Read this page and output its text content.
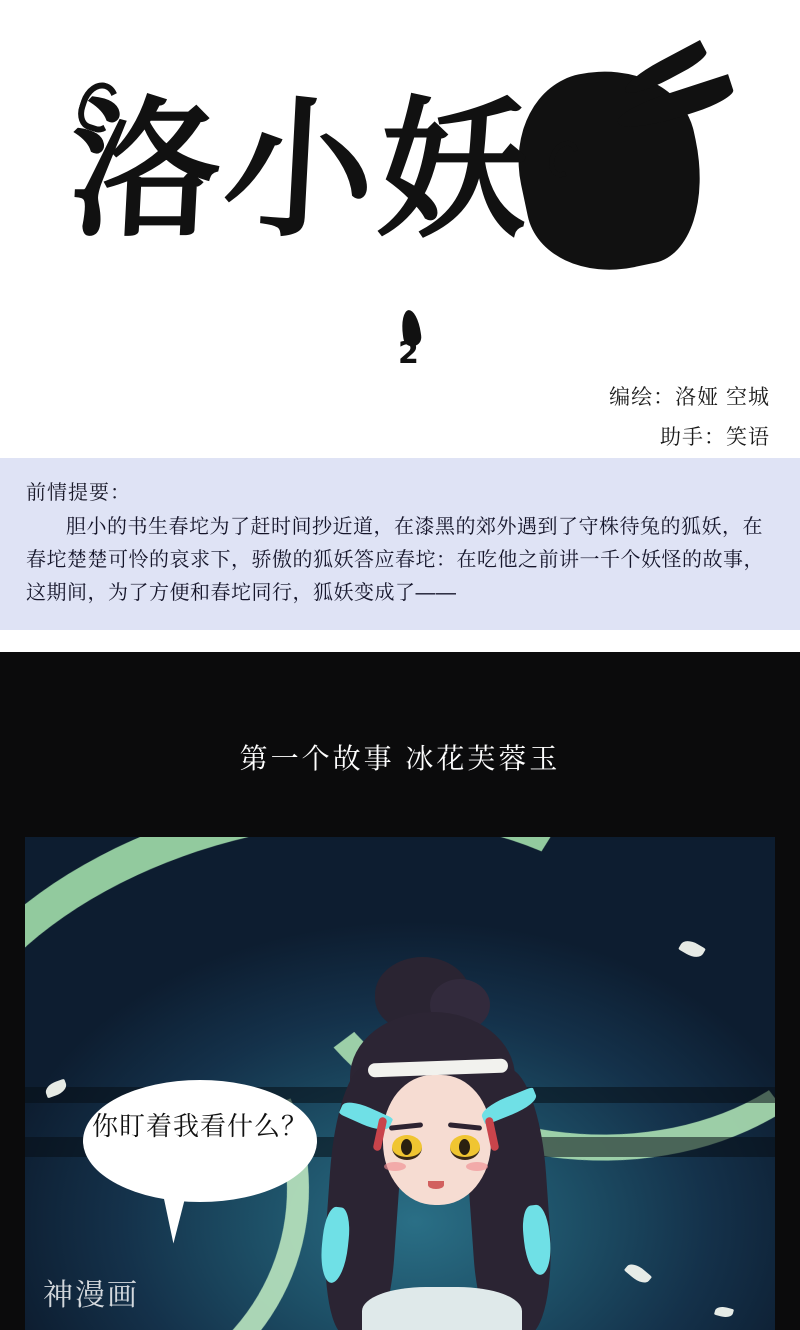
洛小妖
2
编绘：洛娅 空城
助手：笑语
前情提要：
胆小的书生春坨为了赶时间抄近道，在漆黑的郊外遇到了守株待兔的狐妖，在春坨楚楚可怜的哀求下，骄傲的狐妖答应春坨：在吃他之前讲一千个妖怪的故事，这期间，为了方便和春坨同行，狐妖变成了——
第一个故事 冰花芙蓉玉
你盯着我看什么？
神漫画
